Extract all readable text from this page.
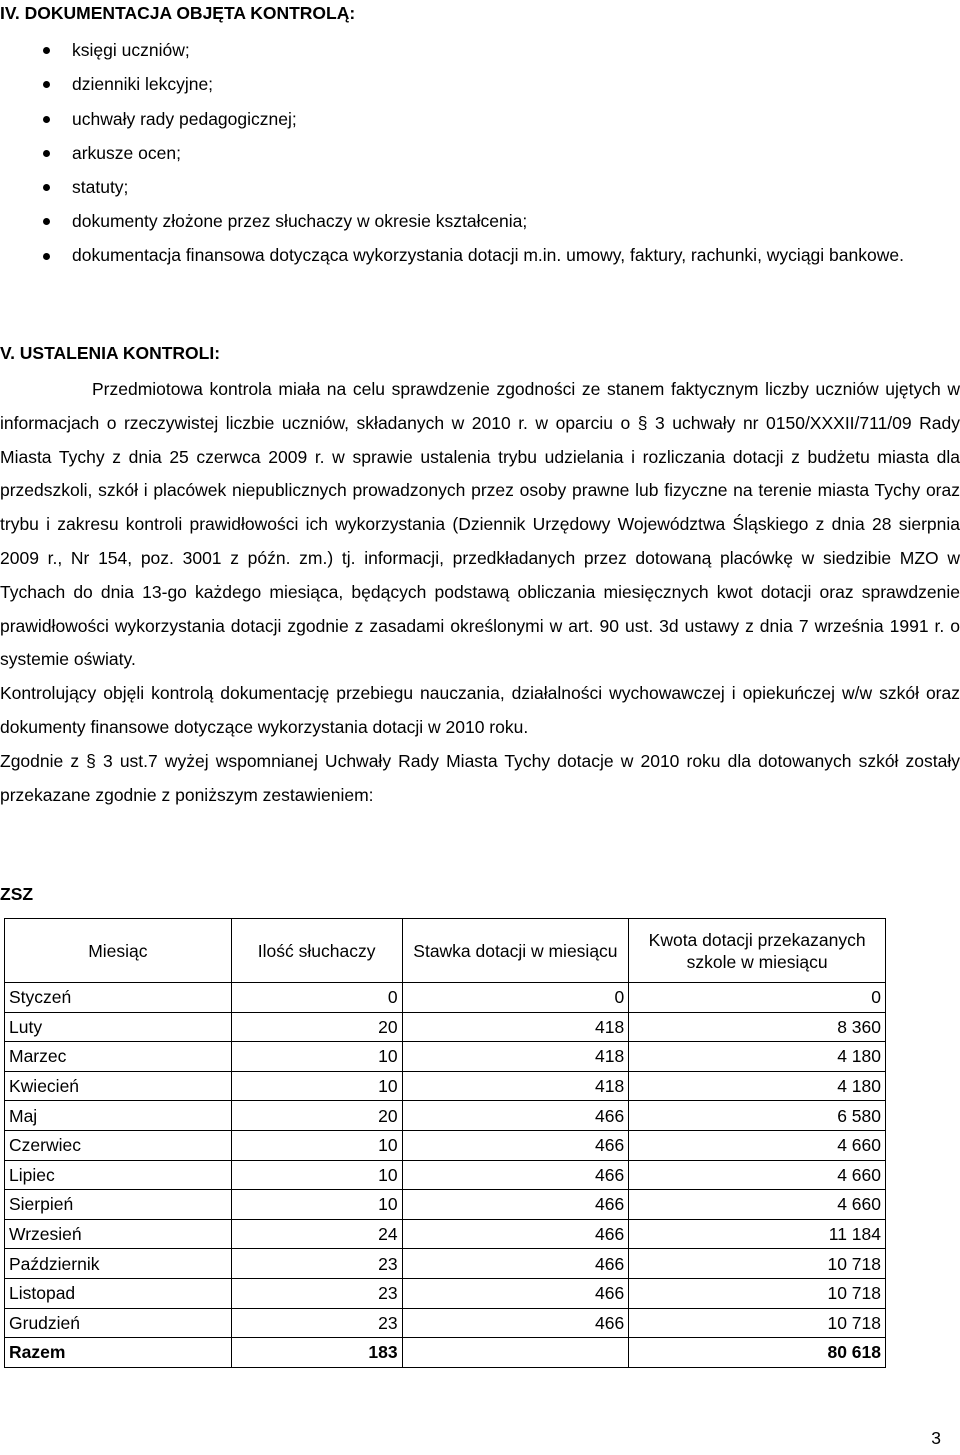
IV. DOKUMENTACJA OBJĘTA KONTROLĄ:
księgi uczniów;
dzienniki lekcyjne;
uchwały rady pedagogicznej;
arkusze ocen;
statuty;
dokumenty złożone przez słuchaczy w okresie kształcenia;
dokumentacja finansowa dotycząca wykorzystania dotacji m.in. umowy, faktury, rachunki, wyciągi bankowe.
V. USTALENIA KONTROLI:

Przedmiotowa kontrola miała na celu sprawdzenie zgodności ze stanem faktycznym liczby uczniów ujętych w informacjach o rzeczywistej liczbie uczniów, składanych w 2010 r. w oparciu o § 3 uchwały nr 0150/XXXII/711/09 Rady Miasta Tychy z dnia 25 czerwca 2009 r. w sprawie ustalenia trybu udzielania i rozliczania dotacji z budżetu miasta dla przedszkoli, szkół i placówek niepublicznych prowadzonych przez osoby prawne lub fizyczne na terenie miasta Tychy oraz trybu i zakresu kontroli prawidłowości ich wykorzystania (Dziennik Urzędowy Województwa Śląskiego z dnia 28 sierpnia 2009 r., Nr 154, poz. 3001 z późn. zm.) tj. informacji, przedkładanych przez dotowaną placówkę w siedzibie MZO w Tychach do dnia 13-go każdego miesiąca, będących podstawą obliczania miesięcznych kwot dotacji oraz sprawdzenie prawidłowości wykorzystania dotacji zgodnie z zasadami określonymi w art. 90 ust. 3d ustawy z dnia 7 września 1991 r. o systemie oświaty.

Kontrolujący objęli kontrolą dokumentację przebiegu nauczania, działalności wychowawczej i opiekuńczej w/w szkół oraz dokumenty finansowe dotyczące wykorzystania dotacji w 2010 roku.

Zgodnie z § 3 ust.7 wyżej wspomnianej Uchwały Rady Miasta Tychy dotacje w 2010 roku dla dotowanych szkół zostały przekazane zgodnie z poniższym zestawieniem:

ZSZ

Miesiąc	Ilość słuchaczy	Stawka dotacji w miesiącu	Kwota dotacji przekazanych szkole w miesiącu
Styczeń	0	0	0
Luty	20	418	8 360
Marzec	10	418	4 180
Kwiecień	10	418	4 180
Maj	20	466	6 580
Czerwiec	10	466	4 660
Lipiec	10	466	4 660
Sierpień	10	466	4 660
Wrzesień	24	466	11 184
Październik	23	466	10 718
Listopad	23	466	10 718
Grudzień	23	466	10 718
Razem	183		80 618

3
